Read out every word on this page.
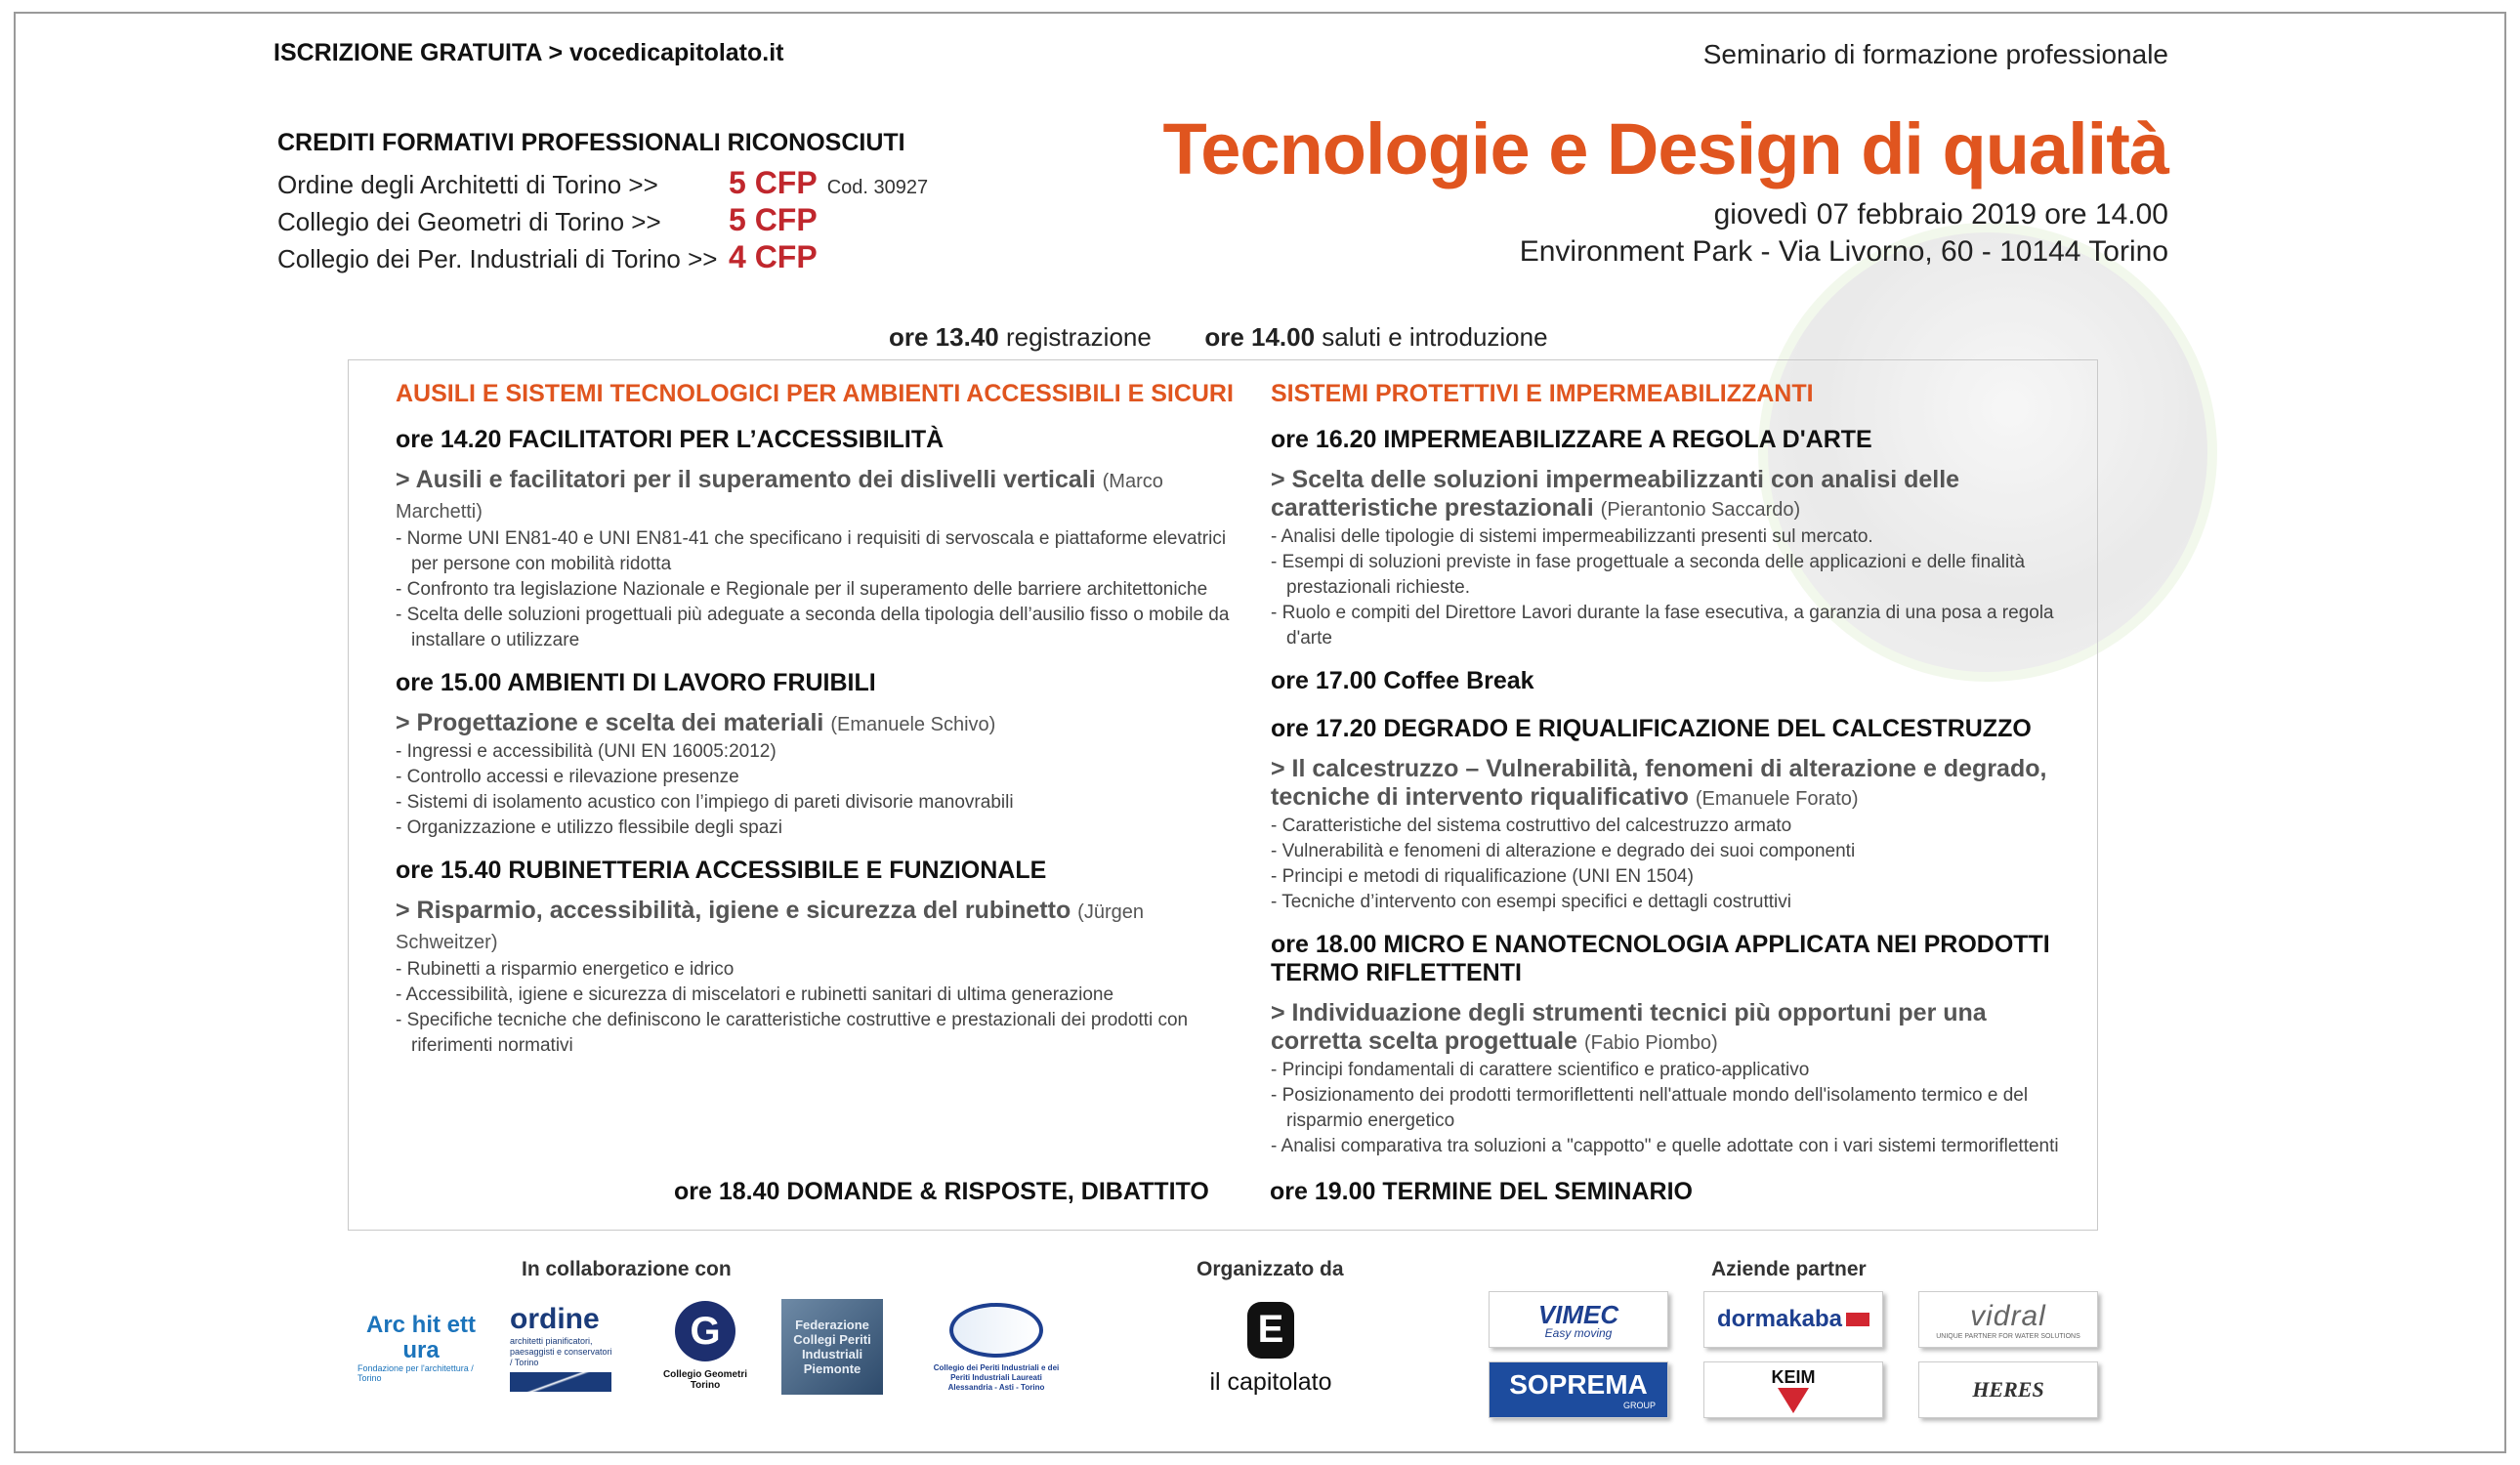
ISCRIZIONE GRATUITA > vocedicapitolato.it	Seminario di formazione professionale
CREDITI FORMATIVI PROFESSIONALI RICONOSCIUTI
Ordine degli Architetti di Torino >>	5 CFP Cod. 30927
Collegio dei Geometri di Torino >>	5 CFP
Collegio dei Per. Industriali di Torino >> 4 CFP
Tecnologie e Design di qualità
giovedì 07 febbraio 2019 ore 14.00
Environment Park - Via Livorno, 60 - 10144 Torino
ore 13.40 registrazione ore 14.00 saluti e introduzione
AUSILI E SISTEMI TECNOLOGICI PER AMBIENTI ACCESSIBILI E SICURI
ore 14.20 FACILITATORI PER L’ACCESSIBILITÀ
> Ausili e facilitatori per il superamento dei dislivelli verticali (Marco Marchetti)
- Norme UNI EN81-40 e UNI EN81-41 che specificano i requisiti di servoscala e piattaforme elevatrici per persone con mobilità ridotta
- Confronto tra legislazione Nazionale e Regionale per il superamento delle barriere architettoniche
- Scelta delle soluzioni progettuali più adeguate a seconda della tipologia dell’ausilio fisso o mobile da installare o utilizzare
ore 15.00 AMBIENTI DI LAVORO FRUIBILI
> Progettazione e scelta dei materiali (Emanuele Schivo)
- Ingressi e accessibilità (UNI EN 16005:2012)
- Controllo accessi e rilevazione presenze
- Sistemi di isolamento acustico con l’impiego di pareti divisorie manovrabili
- Organizzazione e utilizzo flessibile degli spazi
ore 15.40 RUBINETTERIA ACCESSIBILE E FUNZIONALE
> Risparmio, accessibilità, igiene e sicurezza del rubinetto (Jürgen Schweitzer)
- Rubinetti a risparmio energetico e idrico
- Accessibilità, igiene e sicurezza di miscelatori e rubinetti sanitari di ultima generazione
- Specifiche tecniche che definiscono le caratteristiche costruttive e prestazionali dei prodotti con riferimenti normativi
SISTEMI PROTETTIVI E IMPERMEABILIZZANTI
ore 16.20 IMPERMEABILIZZARE A REGOLA D'ARTE
> Scelta delle soluzioni impermeabilizzanti con analisi delle caratteristiche prestazionali (Pierantonio Saccardo)
- Analisi delle tipologie di sistemi impermeabilizzanti presenti sul mercato.
- Esempi di soluzioni previste in fase progettuale a seconda delle applicazioni e delle finalità prestazionali richieste.
- Ruolo e compiti del Direttore Lavori durante la fase esecutiva, a garanzia di una posa a regola d'arte
ore 17.00 Coffee Break
ore 17.20 DEGRADO E RIQUALIFICAZIONE DEL CALCESTRUZZO
> Il calcestruzzo – Vulnerabilità, fenomeni di alterazione e degrado, tecniche di intervento riqualificativo (Emanuele Forato)
- Caratteristiche del sistema costruttivo del calcestruzzo armato
- Vulnerabilità e fenomeni di alterazione e degrado dei suoi componenti
- Principi e metodi di riqualificazione (UNI EN 1504)
- Tecniche d’intervento con esempi specifici e dettagli costruttivi
ore 18.00 MICRO E NANOTECNOLOGIA APPLICATA NEI PRODOTTI TERMO RIFLETTENTI
> Individuazione degli strumenti tecnici più opportuni per una corretta scelta progettuale (Fabio Piombo)
- Principi fondamentali di carattere scientifico e pratico-applicativo
- Posizionamento dei prodotti termoriflettenti nell'attuale mondo dell'isolamento termico e del risparmio energetico
- Analisi comparativa tra soluzioni a "cappotto" e quelle adottate con i vari sistemi termoriflettenti
ore 18.40 DOMANDE & RISPOSTE, DIBATTITO ore 19.00 TERMINE DEL SEMINARIO
In collaborazione con	Organizzato da	Aziende partner
Arc hit ett ura
Fondazione per l'architettura / Torino
ordine
architetti pianificatori, paesaggisti e conservatori / Torino
G
Collegio Geometri Torino
Federazione Collegi Periti Industriali Piemonte	Collegio dei Periti Industriali e dei Periti Industriali Laureati Alessandria - Asti - Torino
E
il capitolato
VIMEC
Easy moving
dormakaba	vidral
UNIQUE PARTNER FOR WATER SOLUTIONS
SOPREMA
GROUP
KEIM
HERES
